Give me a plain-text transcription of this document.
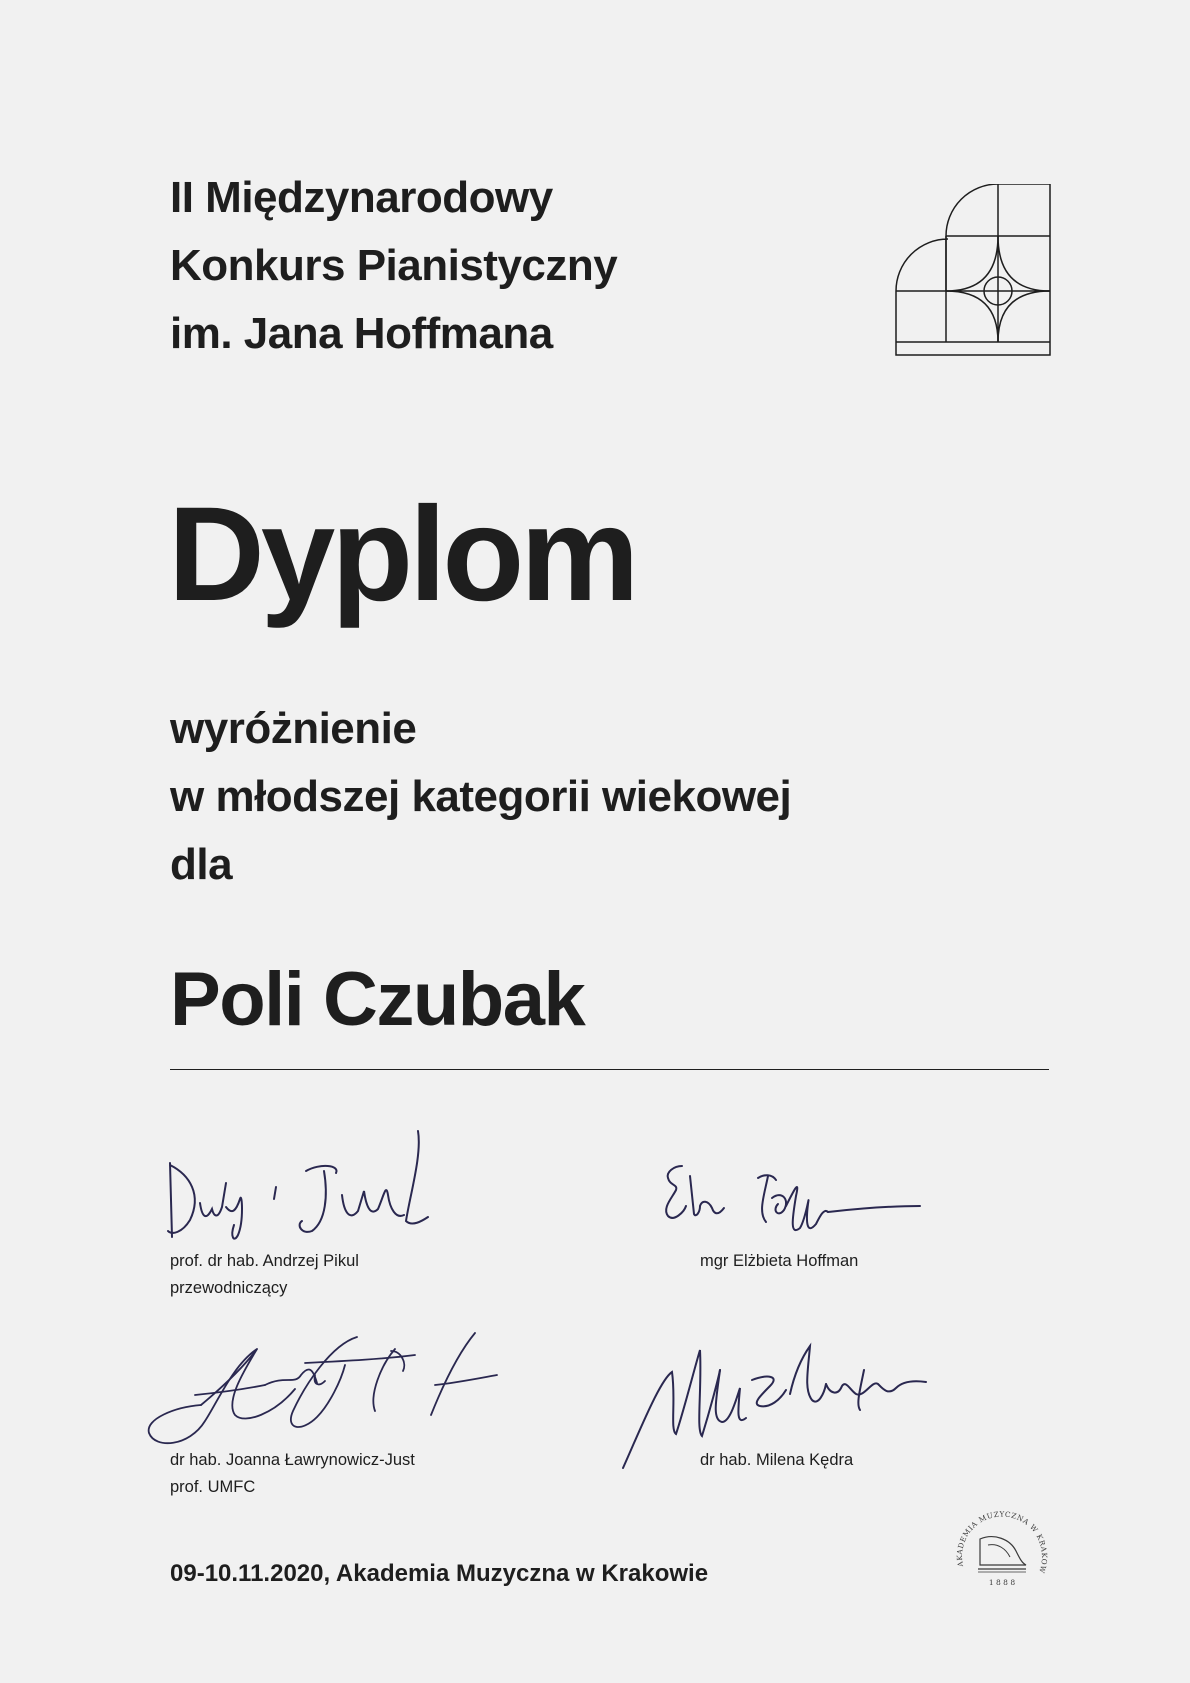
II Międzynarodowy
Konkurs Pianistyczny
im. Jana Hoffmana
Dyplom
wyróżnienie
w młodszej kategorii wiekowej
dla
Poli Czubak
prof. dr hab. Andrzej Pikul
przewodniczący
mgr Elżbieta Hoffman
dr hab. Joanna Ławrynowicz-Just
prof. UMFC
dr hab. Milena Kędra
09-10.11.2020, Akademia Muzyczna w Krakowie	AKADEMIA MUZYCZNA W KRAKOW
1 8 8 8
